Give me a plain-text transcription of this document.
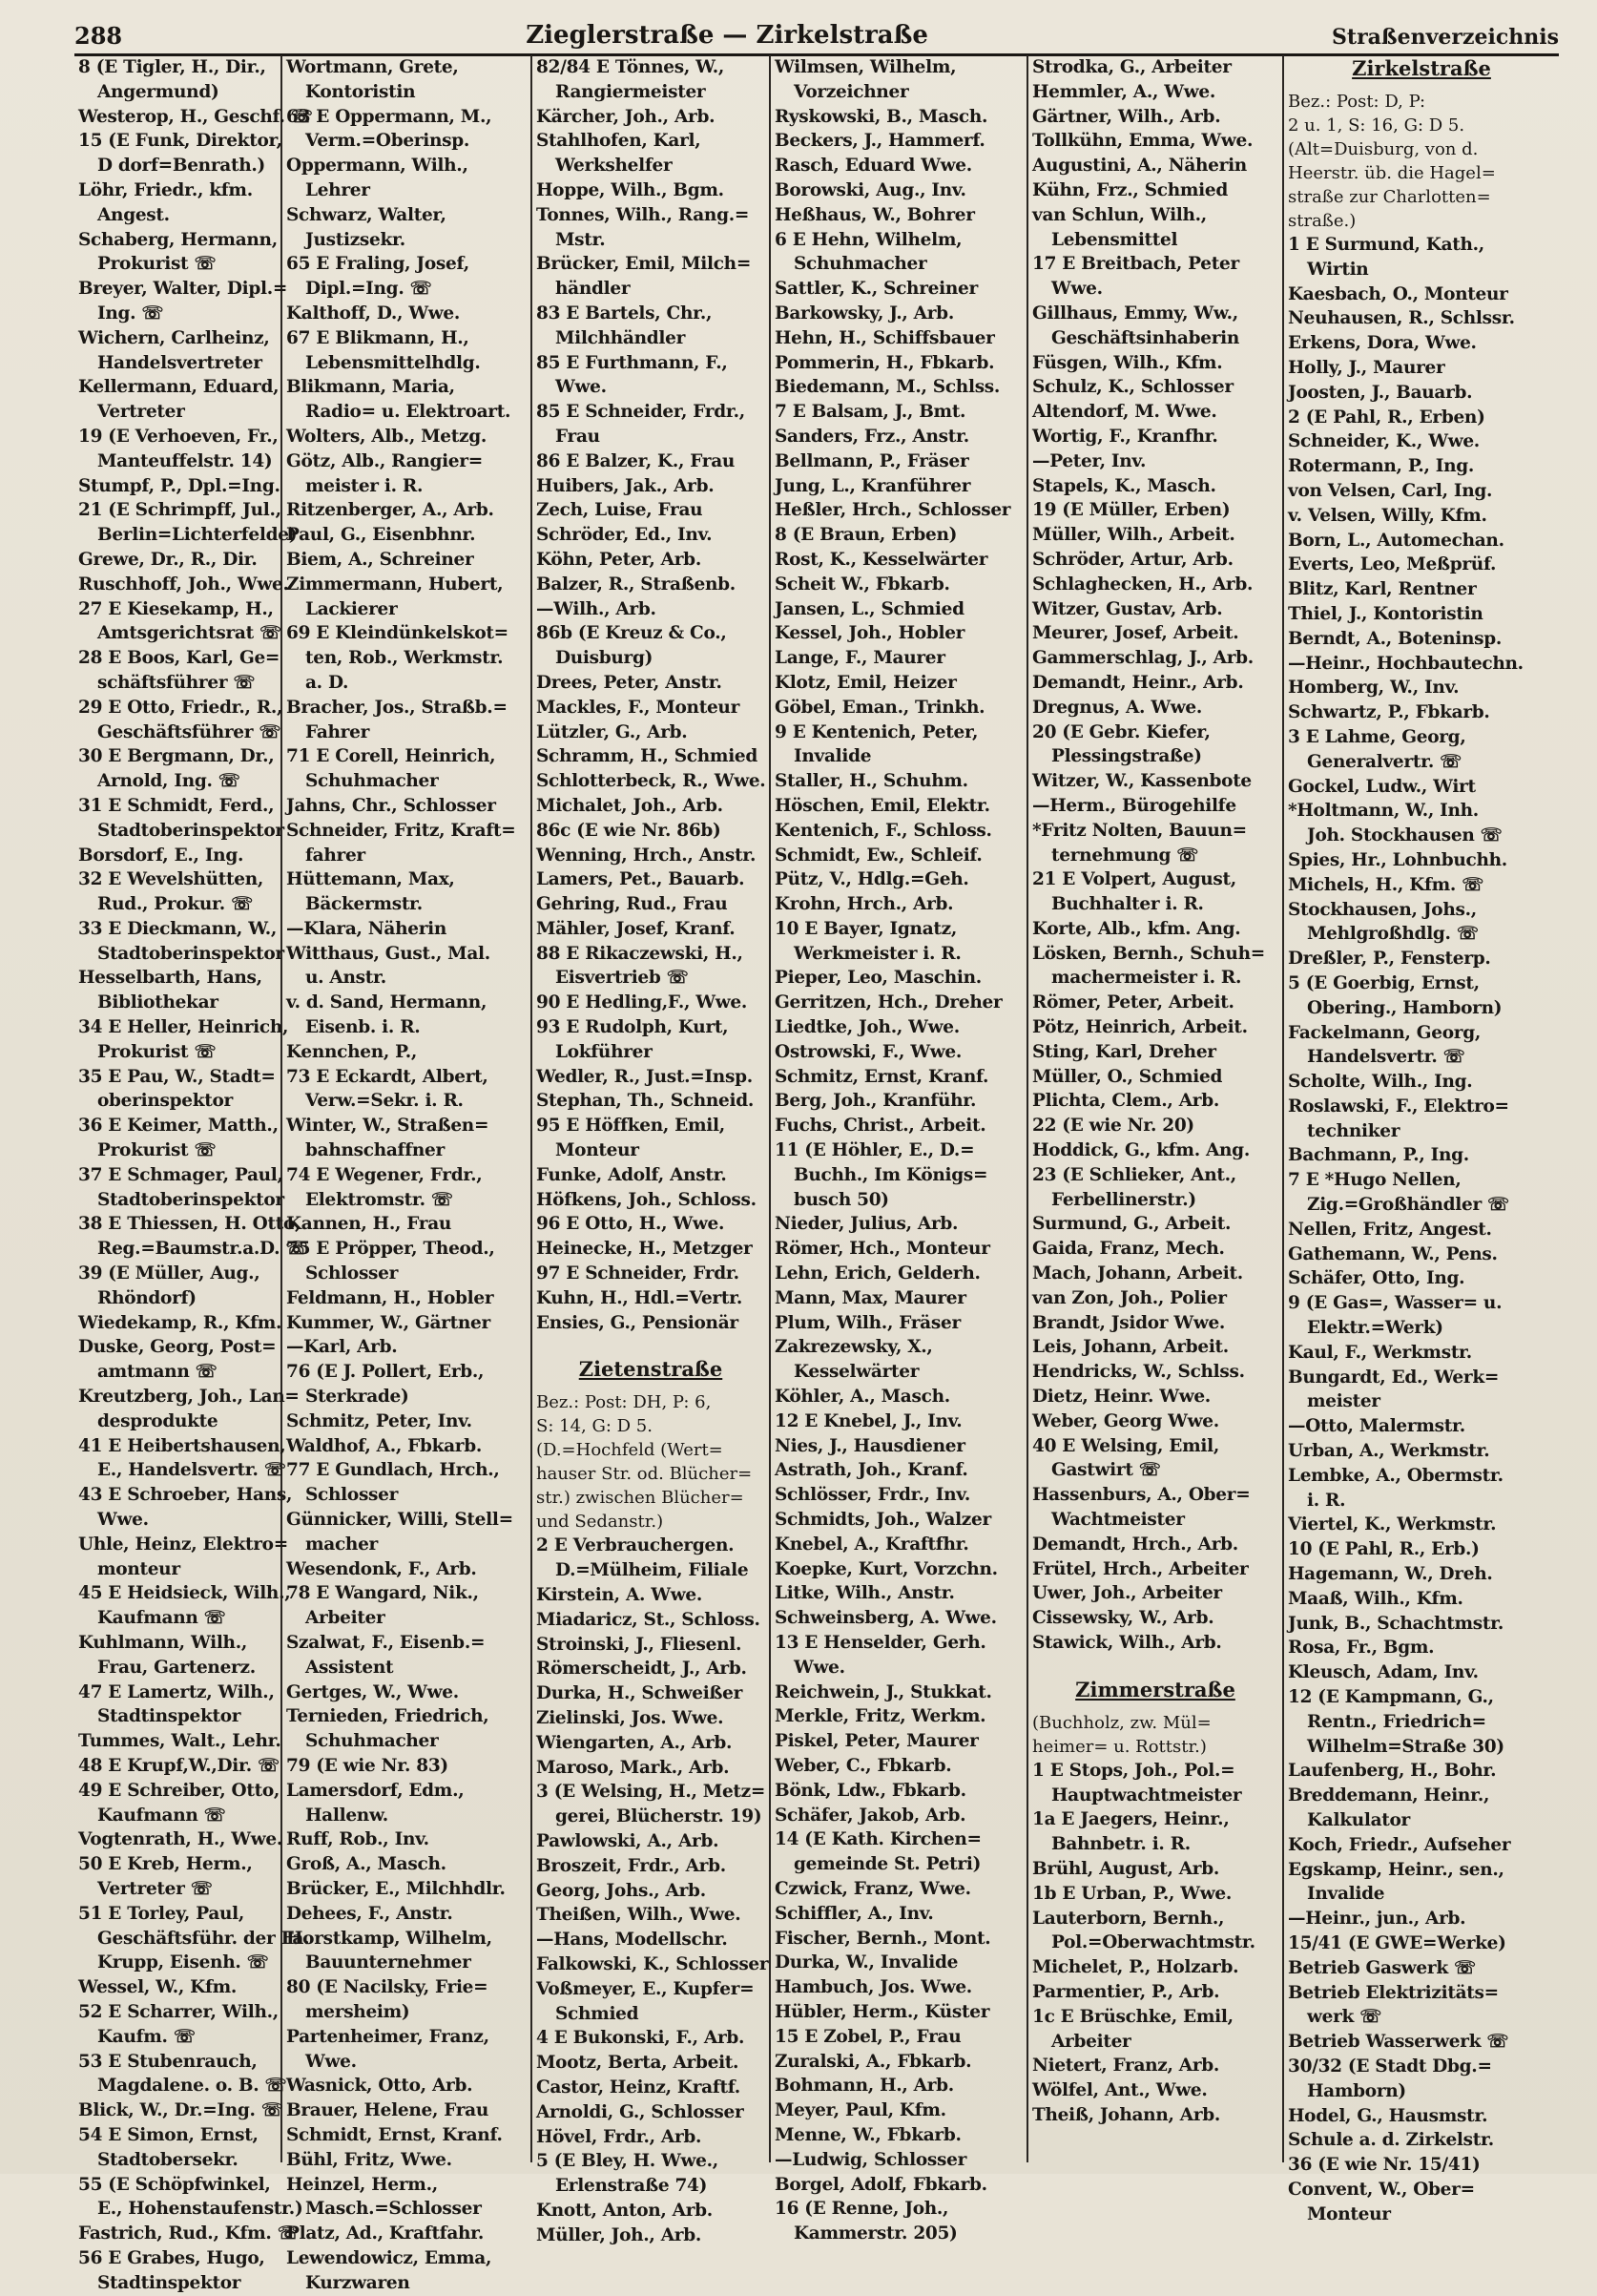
288	Zieglerstraße — Zirkelstraße	Straßenverzeichnis
8 (E Tigler, H., Dir.,
Angermund)
Westerop, H., Geschf. ☏
15 (E Funk, Direktor,
D dorf=Benrath.)
Löhr, Friedr., kfm.
Angest.
Schaberg, Hermann,
Prokurist ☏
Breyer, Walter, Dipl.=
Ing. ☏
Wichern, Carlheinz,
Handelsvertreter
Kellermann, Eduard,
Vertreter
19 (E Verhoeven, Fr.,
Manteuffelstr. 14)
Stumpf, P., Dpl.=Ing.
21 (E Schrimpff, Jul.,
Berlin=Lichterfelde)
Grewe, Dr., R., Dir.
Ruschhoff, Joh., Wwe.
27 E Kiesekamp, H.,
Amtsgerichtsrat ☏
28 E Boos, Karl, Ge=
schäftsführer ☏
29 E Otto, Friedr., R.,
Geschäftsführer ☏
30 E Bergmann, Dr.,
Arnold, Ing. ☏
31 E Schmidt, Ferd.,
Stadtoberinspektor
Borsdorf, E., Ing.
32 E Wevelshütten,
Rud., Prokur. ☏
33 E Dieckmann, W.,
Stadtoberinspektor
Hesselbarth, Hans,
Bibliothekar
34 E Heller, Heinrich,
Prokurist ☏
35 E Pau, W., Stadt=
oberinspektor
36 E Keimer, Matth.,
Prokurist ☏
37 E Schmager, Paul,
Stadtoberinspektor
38 E Thiessen, H. Otto,
Reg.=Baumstr.a.D. ☏
39 (E Müller, Aug.,
Rhöndorf)
Wiedekamp, R., Kfm.
Duske, Georg, Post=
amtmann ☏
Kreutzberg, Joh., Lan=
desprodukte
41 E Heibertshausen,
E., Handelsvertr. ☏
43 E Schroeber, Hans,
Wwe.
Uhle, Heinz, Elektro=
monteur
45 E Heidsieck, Wilh.,
Kaufmann ☏
Kuhlmann, Wilh.,
Frau, Gartenerz.
47 E Lamertz, Wilh.,
Stadtinspektor
Tummes, Walt., Lehr.
48 E Krupf,W.,Dir. ☏
49 E Schreiber, Otto,
Kaufmann ☏
Vogtenrath, H., Wwe.
50 E Kreb, Herm.,
Vertreter ☏
51 E Torley, Paul,
Geschäftsführ. der Fa.
Krupp, Eisenh. ☏
Wessel, W., Kfm.
52 E Scharrer, Wilh.,
Kaufm. ☏
53 E Stubenrauch,
Magdalene. o. B. ☏
Blick, W., Dr.=Ing. ☏
54 E Simon, Ernst,
Stadtobersekr.
55 (E Schöpfwinkel,
E., Hohenstaufenstr.)
Fastrich, Rud., Kfm. ☏
56 E Grabes, Hugo,
Stadtinspektor
Wortmann, Grete,
Kontoristin
63 E Oppermann, M.,
Verm.=Oberinsp.
Oppermann, Wilh.,
Lehrer
Schwarz, Walter,
Justizsekr.
65 E Fraling, Josef,
Dipl.=Ing. ☏
Kalthoff, D., Wwe.
67 E Blikmann, H.,
Lebensmittelhdlg.
Blikmann, Maria,
Radio= u. Elektroart.
Wolters, Alb., Metzg.
Götz, Alb., Rangier=
meister i. R.
Ritzenberger, A., Arb.
Paul, G., Eisenbhnr.
Biem, A., Schreiner
Zimmermann, Hubert,
Lackierer
69 E Kleindünkelskot=
ten, Rob., Werkmstr.
a. D.
Bracher, Jos., Straßb.=
Fahrer
71 E Corell, Heinrich,
Schuhmacher
Jahns, Chr., Schlosser
Schneider, Fritz, Kraft=
fahrer
Hüttemann, Max,
Bäckermstr.
—Klara, Näherin
Witthaus, Gust., Mal.
u. Anstr.
v. d. Sand, Hermann,
Eisenb. i. R.
Kennchen, P.,
73 E Eckardt, Albert,
Verw.=Sekr. i. R.
Winter, W., Straßen=
bahnschaffner
74 E Wegener, Frdr.,
Elektromstr. ☏
Kannen, H., Frau
75 E Pröpper, Theod.,
Schlosser
Feldmann, H., Hobler
Kummer, W., Gärtner
—Karl, Arb.
76 (E J. Pollert, Erb.,
Sterkrade)
Schmitz, Peter, Inv.
Waldhof, A., Fbkarb.
77 E Gundlach, Hrch.,
Schlosser
Günnicker, Willi, Stell=
macher
Wesendonk, F., Arb.
78 E Wangard, Nik.,
Arbeiter
Szalwat, F., Eisenb.=
Assistent
Gertges, W., Wwe.
Ternieden, Friedrich,
Schuhmacher
79 (E wie Nr. 83)
Lamersdorf, Edm.,
Hallenw.
Ruff, Rob., Inv.
Groß, A., Masch.
Brücker, E., Milchhdlr.
Dehees, F., Anstr.
Horstkamp, Wilhelm,
Bauunternehmer
80 (E Nacilsky, Frie=
mersheim)
Partenheimer, Franz,
Wwe.
Wasnick, Otto, Arb.
Brauer, Helene, Frau
Schmidt, Ernst, Kranf.
Bühl, Fritz, Wwe.
Heinzel, Herm.,
Masch.=Schlosser
Platz, Ad., Kraftfahr.
Lewendowicz, Emma,
Kurzwaren
82/84 E Tönnes, W.,
Rangiermeister
Kärcher, Joh., Arb.
Stahlhofen, Karl,
Werkshelfer
Hoppe, Wilh., Bgm.
Tonnes, Wilh., Rang.=
Mstr.
Brücker, Emil, Milch=
händler
83 E Bartels, Chr.,
Milchhändler
85 E Furthmann, F.,
Wwe.
85 E Schneider, Frdr.,
Frau
86 E Balzer, K., Frau
Huibers, Jak., Arb.
Zech, Luise, Frau
Schröder, Ed., Inv.
Köhn, Peter, Arb.
Balzer, R., Straßenb.
—Wilh., Arb.
86b (E Kreuz & Co.,
Duisburg)
Drees, Peter, Anstr.
Mackles, F., Monteur
Lützler, G., Arb.
Schramm, H., Schmied
Schlotterbeck, R., Wwe.
Michalet, Joh., Arb.
86c (E wie Nr. 86b)
Wenning, Hrch., Anstr.
Lamers, Pet., Bauarb.
Gehring, Rud., Frau
Mähler, Josef, Kranf.
88 E Rikaczewski, H.,
Eisvertrieb ☏
90 E Hedling,F., Wwe.
93 E Rudolph, Kurt,
Lokführer
Wedler, R., Just.=Insp.
Stephan, Th., Schneid.
95 E Höffken, Emil,
Monteur
Funke, Adolf, Anstr.
Höfkens, Joh., Schloss.
96 E Otto, H., Wwe.
Heinecke, H., Metzger
97 E Schneider, Frdr.
Kuhn, H., Hdl.=Vertr.
Ensies, G., Pensionär
Zietenstraße
Bez.: Post: DH, P: 6,
S: 14, G: D 5.
(D.=Hochfeld (Wert=
hauser Str. od. Blücher=
str.) zwischen Blücher=
und Sedanstr.)
2 E Verbrauchergen.
D.=Mülheim, Filiale
Kirstein, A. Wwe.
Miadaricz, St., Schloss.
Stroinski, J., Fliesenl.
Römerscheidt, J., Arb.
Durka, H., Schweißer
Zielinski, Jos. Wwe.
Wiengarten, A., Arb.
Maroso, Mark., Arb.
3 (E Welsing, H., Metz=
gerei, Blücherstr. 19)
Pawlowski, A., Arb.
Broszeit, Frdr., Arb.
Georg, Johs., Arb.
Theißen, Wilh., Wwe.
—Hans, Modellschr.
Falkowski, K., Schlosser
Voßmeyer, E., Kupfer=
Schmied
4 E Bukonski, F., Arb.
Mootz, Berta, Arbeit.
Castor, Heinz, Kraftf.
Arnoldi, G., Schlosser
Hövel, Frdr., Arb.
5 (E Bley, H. Wwe.,
Erlenstraße 74)
Knott, Anton, Arb.
Müller, Joh., Arb.
Wilmsen, Wilhelm,
Vorzeichner
Ryskowski, B., Masch.
Beckers, J., Hammerf.
Rasch, Eduard Wwe.
Borowski, Aug., Inv.
Heßhaus, W., Bohrer
6 E Hehn, Wilhelm,
Schuhmacher
Sattler, K., Schreiner
Barkowsky, J., Arb.
Hehn, H., Schiffsbauer
Pommerin, H., Fbkarb.
Biedemann, M., Schlss.
7 E Balsam, J., Bmt.
Sanders, Frz., Anstr.
Bellmann, P., Fräser
Jung, L., Kranführer
Heßler, Hrch., Schlosser
8 (E Braun, Erben)
Rost, K., Kesselwärter
Scheit W., Fbkarb.
Jansen, L., Schmied
Kessel, Joh., Hobler
Lange, F., Maurer
Klotz, Emil, Heizer
Göbel, Eman., Trinkh.
9 E Kentenich, Peter,
Invalide
Staller, H., Schuhm.
Höschen, Emil, Elektr.
Kentenich, F., Schloss.
Schmidt, Ew., Schleif.
Pütz, V., Hdlg.=Geh.
Krohn, Hrch., Arb.
10 E Bayer, Ignatz,
Werkmeister i. R.
Pieper, Leo, Maschin.
Gerritzen, Hch., Dreher
Liedtke, Joh., Wwe.
Ostrowski, F., Wwe.
Schmitz, Ernst, Kranf.
Berg, Joh., Kranführ.
Fuchs, Christ., Arbeit.
11 (E Höhler, E., D.=
Buchh., Im Königs=
busch 50)
Nieder, Julius, Arb.
Römer, Hch., Monteur
Lehn, Erich, Gelderh.
Mann, Max, Maurer
Plum, Wilh., Fräser
Zakrezewsky, X.,
Kesselwärter
Köhler, A., Masch.
12 E Knebel, J., Inv.
Nies, J., Hausdiener
Astrath, Joh., Kranf.
Schlösser, Frdr., Inv.
Schmidts, Joh., Walzer
Knebel, A., Kraftfhr.
Koepke, Kurt, Vorzchn.
Litke, Wilh., Anstr.
Schweinsberg, A. Wwe.
13 E Henselder, Gerh.
Wwe.
Reichwein, J., Stukkat.
Merkle, Fritz, Werkm.
Piskel, Peter, Maurer
Weber, C., Fbkarb.
Bönk, Ldw., Fbkarb.
Schäfer, Jakob, Arb.
14 (E Kath. Kirchen=
gemeinde St. Petri)
Czwick, Franz, Wwe.
Schiffler, A., Inv.
Fischer, Bernh., Mont.
Durka, W., Invalide
Hambuch, Jos. Wwe.
Hübler, Herm., Küster
15 E Zobel, P., Frau
Zuralski, A., Fbkarb.
Bohmann, H., Arb.
Meyer, Paul, Kfm.
Menne, W., Fbkarb.
—Ludwig, Schlosser
Borgel, Adolf, Fbkarb.
16 (E Renne, Joh.,
Kammerstr. 205)
Strodka, G., Arbeiter
Hemmler, A., Wwe.
Gärtner, Wilh., Arb.
Tollkühn, Emma, Wwe.
Augustini, A., Näherin
Kühn, Frz., Schmied
van Schlun, Wilh.,
Lebensmittel
17 E Breitbach, Peter
Wwe.
Gillhaus, Emmy, Ww.,
Geschäftsinhaberin
Füsgen, Wilh., Kfm.
Schulz, K., Schlosser
Altendorf, M. Wwe.
Wortig, F., Kranfhr.
—Peter, Inv.
Stapels, K., Masch.
19 (E Müller, Erben)
Müller, Wilh., Arbeit.
Schröder, Artur, Arb.
Schlaghecken, H., Arb.
Witzer, Gustav, Arb.
Meurer, Josef, Arbeit.
Gammerschlag, J., Arb.
Demandt, Heinr., Arb.
Dregnus, A. Wwe.
20 (E Gebr. Kiefer,
Plessingstraße)
Witzer, W., Kassenbote
—Herm., Bürogehilfe
*Fritz Nolten, Bauun=
ternehmung ☏
21 E Volpert, August,
Buchhalter i. R.
Korte, Alb., kfm. Ang.
Lösken, Bernh., Schuh=
machermeister i. R.
Römer, Peter, Arbeit.
Pötz, Heinrich, Arbeit.
Sting, Karl, Dreher
Müller, O., Schmied
Plichta, Clem., Arb.
22 (E wie Nr. 20)
Hoddick, G., kfm. Ang.
23 (E Schlieker, Ant.,
Ferbellinerstr.)
Surmund, G., Arbeit.
Gaida, Franz, Mech.
Mach, Johann, Arbeit.
van Zon, Joh., Polier
Brandt, Jsidor Wwe.
Leis, Johann, Arbeit.
Hendricks, W., Schlss.
Dietz, Heinr. Wwe.
Weber, Georg Wwe.
40 E Welsing, Emil,
Gastwirt ☏
Hassenburs, A., Ober=
Wachtmeister
Demandt, Hrch., Arb.
Frütel, Hrch., Arbeiter
Uwer, Joh., Arbeiter
Cissewsky, W., Arb.
Stawick, Wilh., Arb.
Zimmerstraße
(Buchholz, zw. Mül=
heimer= u. Rottstr.)
1 E Stops, Joh., Pol.=
Hauptwachtmeister
1a E Jaegers, Heinr.,
Bahnbetr. i. R.
Brühl, August, Arb.
1b E Urban, P., Wwe.
Lauterborn, Bernh.,
Pol.=Oberwachtmstr.
Michelet, P., Holzarb.
Parmentier, P., Arb.
1c E Brüschke, Emil,
Arbeiter
Nietert, Franz, Arb.
Wölfel, Ant., Wwe.
Theiß, Johann, Arb.
Zirkelstraße
Bez.: Post: D, P:
2 u. 1, S: 16, G: D 5.
(Alt=Duisburg, von d.
Heerstr. üb. die Hagel=
straße zur Charlotten=
straße.)
1 E Surmund, Kath.,
Wirtin
Kaesbach, O., Monteur
Neuhausen, R., Schlssr.
Erkens, Dora, Wwe.
Holly, J., Maurer
Joosten, J., Bauarb.
2 (E Pahl, R., Erben)
Schneider, K., Wwe.
Rotermann, P., Ing.
von Velsen, Carl, Ing.
v. Velsen, Willy, Kfm.
Born, L., Automechan.
Everts, Leo, Meßprüf.
Blitz, Karl, Rentner
Thiel, J., Kontoristin
Berndt, A., Boteninsp.
—Heinr., Hochbautechn.
Homberg, W., Inv.
Schwartz, P., Fbkarb.
3 E Lahme, Georg,
Generalvertr. ☏
Gockel, Ludw., Wirt
*Holtmann, W., Inh.
Joh. Stockhausen ☏
Spies, Hr., Lohnbuchh.
Michels, H., Kfm. ☏
Stockhausen, Johs.,
Mehlgroßhdlg. ☏
Dreßler, P., Fensterp.
5 (E Goerbig, Ernst,
Obering., Hamborn)
Fackelmann, Georg,
Handelsvertr. ☏
Scholte, Wilh., Ing.
Roslawski, F., Elektro=
techniker
Bachmann, P., Ing.
7 E *Hugo Nellen,
Zig.=Großhändler ☏
Nellen, Fritz, Angest.
Gathemann, W., Pens.
Schäfer, Otto, Ing.
9 (E Gas=, Wasser= u.
Elektr.=Werk)
Kaul, F., Werkmstr.
Bungardt, Ed., Werk=
meister
—Otto, Malermstr.
Urban, A., Werkmstr.
Lembke, A., Obermstr.
i. R.
Viertel, K., Werkmstr.
10 (E Pahl, R., Erb.)
Hagemann, W., Dreh.
Maaß, Wilh., Kfm.
Junk, B., Schachtmstr.
Rosa, Fr., Bgm.
Kleusch, Adam, Inv.
12 (E Kampmann, G.,
Rentn., Friedrich=
Wilhelm=Straße 30)
Laufenberg, H., Bohr.
Breddemann, Heinr.,
Kalkulator
Koch, Friedr., Aufseher
Egskamp, Heinr., sen.,
Invalide
—Heinr., jun., Arb.
15/41 (E GWE=Werke)
Betrieb Gaswerk ☏
Betrieb Elektrizitäts=
werk ☏
Betrieb Wasserwerk ☏
30/32 (E Stadt Dbg.=
Hamborn)
Hodel, G., Hausmstr.
Schule a. d. Zirkelstr.
36 (E wie Nr. 15/41)
Convent, W., Ober=
Monteur
